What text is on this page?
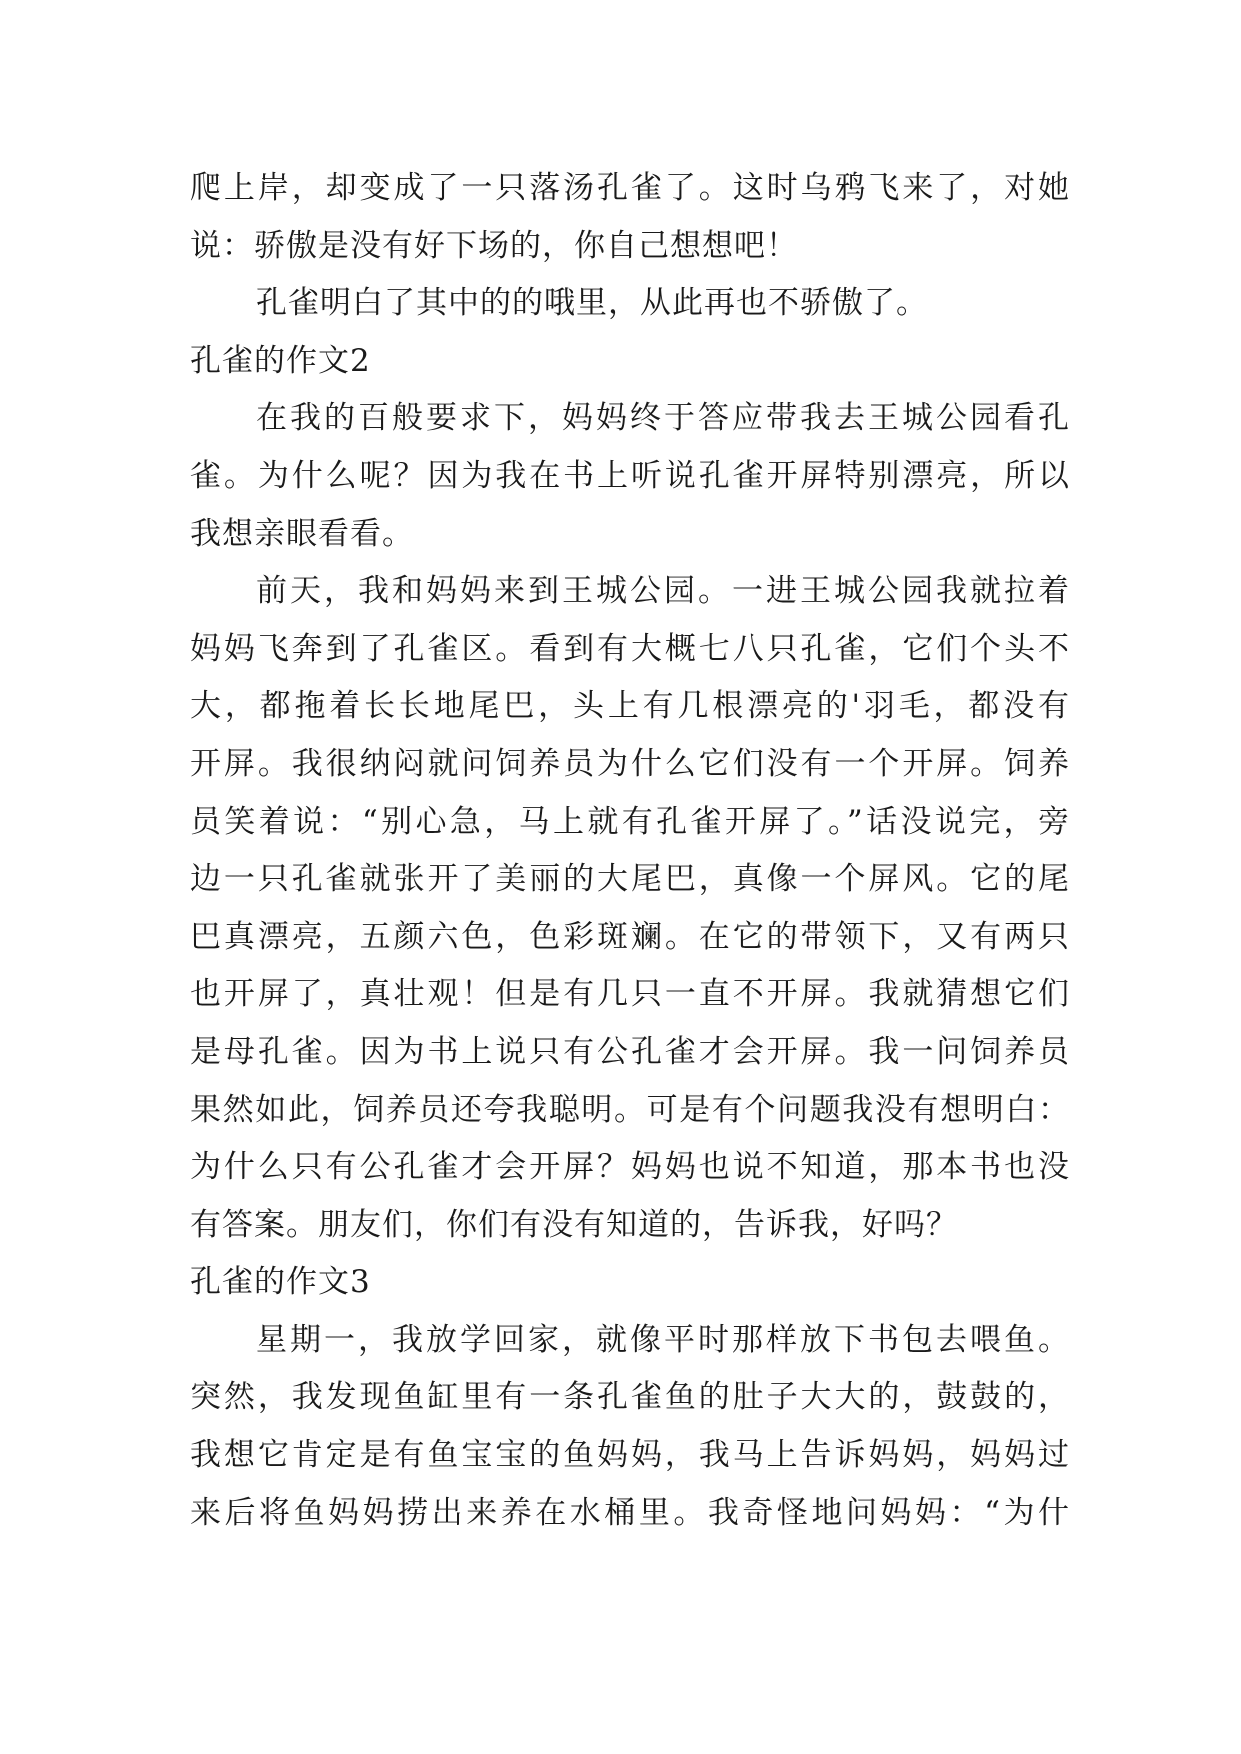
爬上岸，却变成了一只落汤孔雀了。这时乌鸦飞来了，对她
说：骄傲是没有好下场的，你自己想想吧！
孔雀明白了其中的的哦里，从此再也不骄傲了。
孔雀的作文2
在我的百般要求下，妈妈终于答应带我去王城公园看孔
雀。为什么呢？因为我在书上听说孔雀开屏特别漂亮，所以
我想亲眼看看。
前天，我和妈妈来到王城公园。一进王城公园我就拉着
妈妈飞奔到了孔雀区。看到有大概七八只孔雀，它们个头不
大，都拖着长长地尾巴，头上有几根漂亮的'羽毛，都没有
开屏。我很纳闷就问饲养员为什么它们没有一个开屏。饲养
员笑着说：“别心急，马上就有孔雀开屏了。”话没说完，旁
边一只孔雀就张开了美丽的大尾巴，真像一个屏风。它的尾
巴真漂亮，五颜六色，色彩斑斓。在它的带领下，又有两只
也开屏了，真壮观！但是有几只一直不开屏。我就猜想它们
是母孔雀。因为书上说只有公孔雀才会开屏。我一问饲养员
果然如此，饲养员还夸我聪明。可是有个问题我没有想明白：
为什么只有公孔雀才会开屏？妈妈也说不知道，那本书也没
有答案。朋友们，你们有没有知道的，告诉我，好吗？
孔雀的作文3
星期一，我放学回家，就像平时那样放下书包去喂鱼。
突然，我发现鱼缸里有一条孔雀鱼的肚子大大的，鼓鼓的，
我想它肯定是有鱼宝宝的鱼妈妈，我马上告诉妈妈，妈妈过
来后将鱼妈妈捞出来养在水桶里。我奇怪地问妈妈：“为什
